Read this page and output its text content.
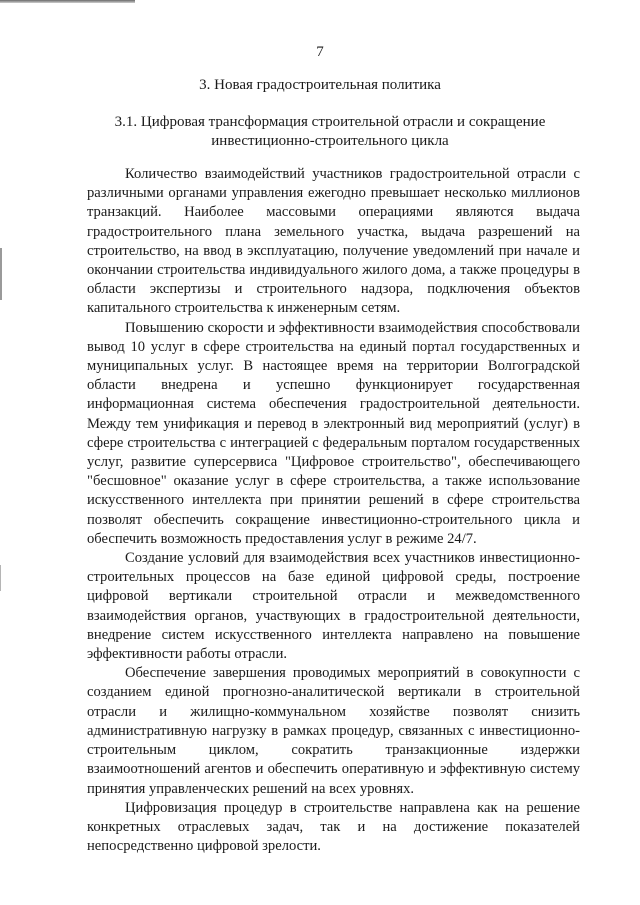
7
3. Новая градостроительная политика
3.1. Цифровая трансформация строительной отрасли и сокращение инвестиционно-строительного цикла

Количество взаимодействий участников градостроительной отрасли с различными органами управления ежегодно превышает несколько миллионов транзакций. Наиболее массовыми операциями являются выдача градостроительного плана земельного участка, выдача разрешений на строительство, на ввод в эксплуатацию, получение уведомлений при начале и окончании строительства индивидуального жилого дома, а также процедуры в области экспертизы и строительного надзора, подключения объектов капитального строительства к инженерным сетям.

Повышению скорости и эффективности взаимодействия способствовали вывод 10 услуг в сфере строительства на единый портал государственных и муниципальных услуг. В настоящее время на территории Волгоградской области внедрена и успешно функционирует государственная информационная система обеспечения градостроительной деятельности. Между тем унификация и перевод в электронный вид мероприятий (услуг) в сфере строительства с интеграцией с федеральным порталом государственных услуг, развитие суперсервиса "Цифровое строительство", обеспечивающего "бесшовное" оказание услуг в сфере строительства, а также использование искусственного интеллекта при принятии решений в сфере строительства позволят обеспечить сокращение инвестиционно-строительного цикла и обеспечить возможность предоставления услуг в режиме 24/7.

Создание условий для взаимодействия всех участников инвестиционно-строительных процессов на базе единой цифровой среды, построение цифровой вертикали строительной отрасли и межведомственного взаимодействия органов, участвующих в градостроительной деятельности, внедрение систем искусственного интеллекта направлено на повышение эффективности работы отрасли.

Обеспечение завершения проводимых мероприятий в совокупности с созданием единой прогнозно-аналитической вертикали в строительной отрасли и жилищно-коммунальном хозяйстве позволят снизить административную нагрузку в рамках процедур, связанных с инвестиционно-строительным циклом, сократить транзакционные издержки взаимоотношений агентов и обеспечить оперативную и эффективную систему принятия управленческих решений на всех уровнях.

Цифровизация процедур в строительстве направлена как на решение конкретных отраслевых задач, так и на достижение показателей непосредственно цифровой зрелости.
